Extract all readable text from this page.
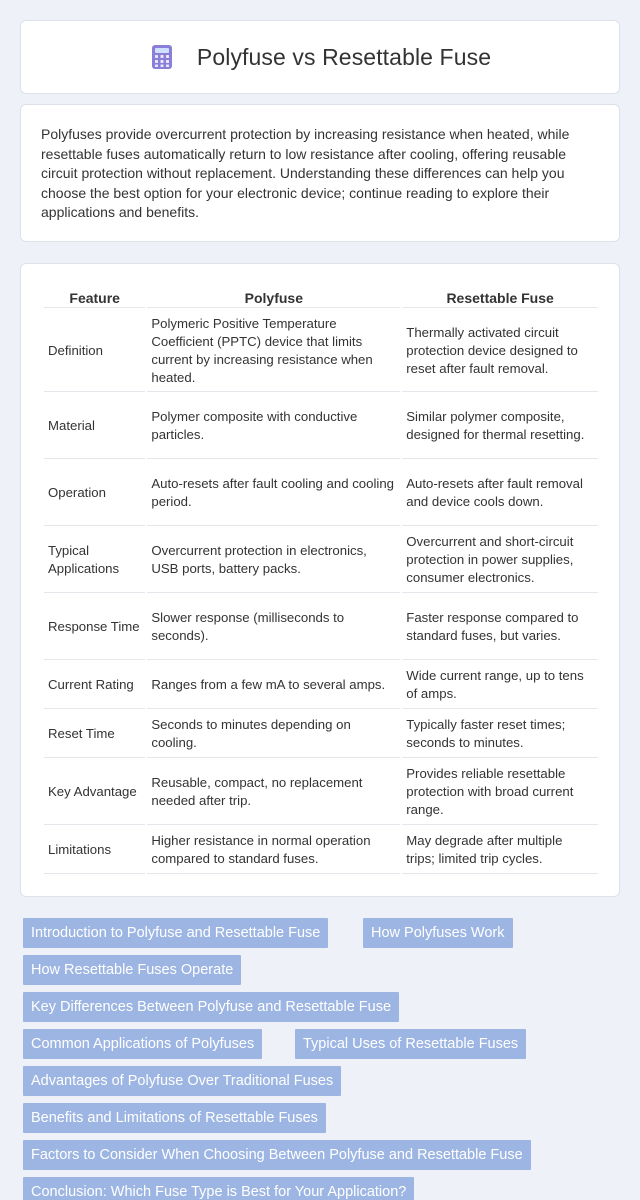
Polyfuse vs Resettable Fuse

Polyfuses provide overcurrent protection by increasing resistance when heated, while resettable fuses automatically return to low resistance after cooling, offering reusable circuit protection without replacement. Understanding these differences can help you choose the best option for your electronic device; continue reading to explore their applications and benefits.

Feature	Polyfuse	Resettable Fuse
Definition	Polymeric Positive Temperature Coefficient (PPTC) device that limits current by increasing resistance when heated.	Thermally activated circuit protection device designed to reset after fault removal.
Material	Polymer composite with conductive particles.	Similar polymer composite, designed for thermal resetting.
Operation	Auto-resets after fault cooling and cooling period.	Auto-resets after fault removal and device cools down.
Typical Applications	Overcurrent protection in electronics, USB ports, battery packs.	Overcurrent and short-circuit protection in power supplies, consumer electronics.
Response Time	Slower response (milliseconds to seconds).	Faster response compared to standard fuses, but varies.
Current Rating	Ranges from a few mA to several amps.	Wide current range, up to tens of amps.
Reset Time	Seconds to minutes depending on cooling.	Typically faster reset times; seconds to minutes.
Key Advantage	Reusable, compact, no replacement needed after trip.	Provides reliable resettable protection with broad current range.
Limitations	Higher resistance in normal operation compared to standard fuses.	May degrade after multiple trips; limited trip cycles.
Introduction to Polyfuse and Resettable Fuse	How Polyfuses Work
How Resettable Fuses Operate
Key Differences Between Polyfuse and Resettable Fuse
Common Applications of Polyfuses	Typical Uses of Resettable Fuses
Advantages of Polyfuse Over Traditional Fuses
Benefits and Limitations of Resettable Fuses
Factors to Consider When Choosing Between Polyfuse and Resettable Fuse
Conclusion: Which Fuse Type is Best for Your Application?
